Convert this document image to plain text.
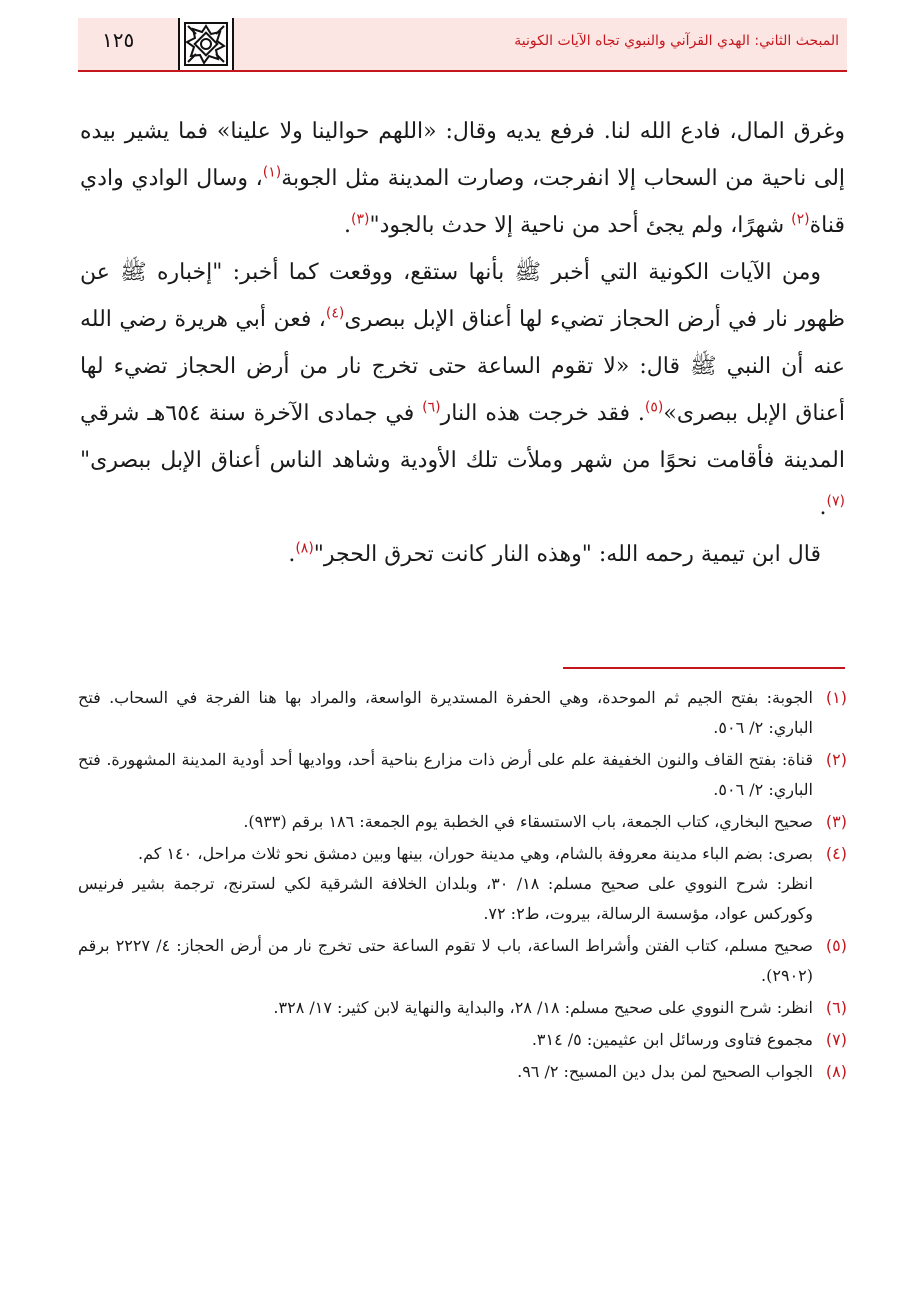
المبحث الثاني: الهدي القرآني والنبوي تجاه الآيات الكونية
١٢٥

وغرق المال، فادع الله لنا. فرفع يديه وقال: «اللهم حوالينا ولا علينا» فما يشير بيده إلى ناحية من السحاب إلا انفرجت، وصارت المدينة مثل الجوبة$^{(١)}$، وسال الوادي وادي قناة$^{(٢)}$ شهرًا، ولم يجئ أحد من ناحية إلا حدث بالجود"$^{(٣)}$.

ومن الآيات الكونية التي أخبر ﷺ بأنها ستقع، ووقعت كما أخبر: "إخباره ﷺ عن ظهور نار في أرض الحجاز تضيء لها أعناق الإبل ببصرى$^{(٤)}$، فعن أبي هريرة رضي الله عنه أن النبي ﷺ قال: «لا تقوم الساعة حتى تخرج نار من أرض الحجاز تضيء لها أعناق الإبل ببصرى»$^{(٥)}$. فقد خرجت هذه النار$^{(٦)}$ في جمادى الآخرة سنة ٦٥٤هـ شرقي المدينة فأقامت نحوًا من شهر وملأت تلك الأودية وشاهد الناس أعناق الإبل ببصرى"$^{(٧)}$.

قال ابن تيمية رحمه الله: "وهذه النار كانت تحرق الحجر"$^{(٨)}$.

(١)
الجوبة: بفتح الجيم ثم الموحدة، وهي الحفرة المستديرة الواسعة، والمراد بها هنا الفرجة في السحاب. فتح الباري: ٢/ ٥٠٦.
(٢)
قناة: بفتح القاف والنون الخفيفة علم على أرض ذات مزارع بناحية أحد، وواديها أحد أودية المدينة المشهورة. فتح الباري: ٢/ ٥٠٦.
(٣)
صحيح البخاري، كتاب الجمعة، باب الاستسقاء في الخطبة يوم الجمعة: ١٨٦ برقم (٩٣٣).
(٤)
بصرى: بضم الباء مدينة معروفة بالشام، وهي مدينة حوران، بينها وبين دمشق نحو ثلاث مراحل، ١٤٠ كم.
انظر: شرح النووي على صحيح مسلم: ١٨/ ٣٠، وبلدان الخلافة الشرقية لكي لسترنج، ترجمة بشير فرنيس وكوركس عواد، مؤسسة الرسالة، بيروت، ط٢: ٧٢.
(٥)
صحيح مسلم، كتاب الفتن وأشراط الساعة، باب لا تقوم الساعة حتى تخرج نار من أرض الحجاز: ٤/ ٢٢٢٧ برقم (٢٩٠٢).
(٦)
انظر: شرح النووي على صحيح مسلم: ١٨/ ٢٨، والبداية والنهاية لابن كثير: ١٧/ ٣٢٨.
(٧)
مجموع فتاوى ورسائل ابن عثيمين: ٥/ ٣١٤.
(٨)
الجواب الصحيح لمن بدل دين المسيح: ٢/ ٩٦.
